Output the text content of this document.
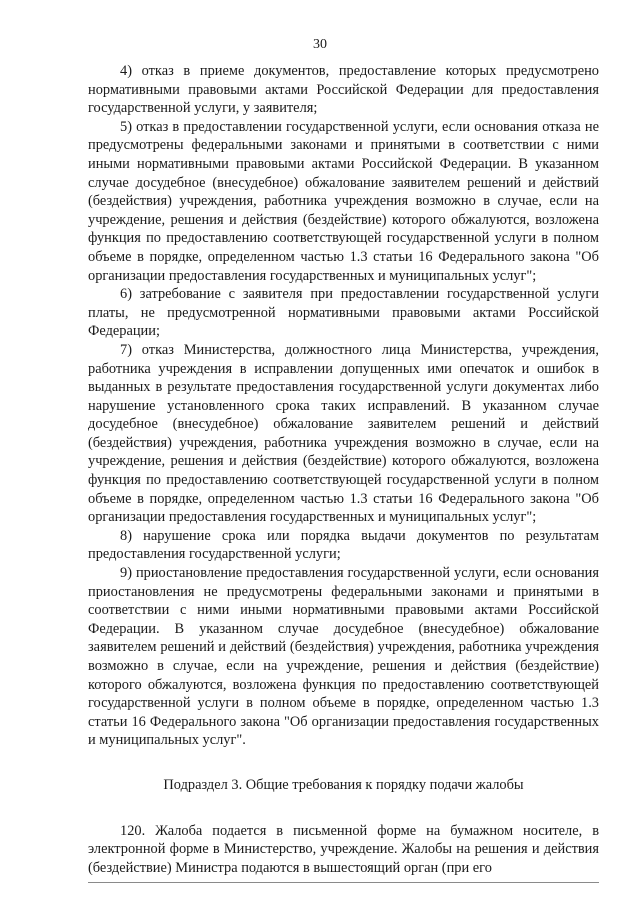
30

4) отказ в приеме документов, предоставление которых предусмотрено нормативными правовыми актами Российской Федерации для предоставления государственной услуги, у заявителя;

5) отказ в предоставлении государственной услуги, если основания отказа не предусмотрены федеральными законами и принятыми в соответствии с ними иными нормативными правовыми актами Российской Федерации. В указанном случае досудебное (внесудебное) обжалование заявителем решений и действий (бездействия) учреждения, работника учреждения возможно в случае, если на учреждение, решения и действия (бездействие) которого обжалуются, возложена функция по предоставлению соответствующей государственной услуги в полном объеме в порядке, определенном частью 1.3 статьи 16 Федерального закона "Об организации предоставления государственных и муниципальных услуг";

6) затребование с заявителя при предоставлении государственной услуги платы, не предусмотренной нормативными правовыми актами Российской Федерации;

7) отказ Министерства, должностного лица Министерства, учреждения, работника учреждения в исправлении допущенных ими опечаток и ошибок в выданных в результате предоставления государственной услуги документах либо нарушение установленного срока таких исправлений. В указанном случае досудебное (внесудебное) обжалование заявителем решений и действий (бездействия) учреждения, работника учреждения возможно в случае, если на учреждение, решения и действия (бездействие) которого обжалуются, возложена функция по предоставлению соответствующей государственной услуги в полном объеме в порядке, определенном частью 1.3 статьи 16 Федерального закона "Об организации предоставления государственных и муниципальных услуг";

8) нарушение срока или порядка выдачи документов по результатам предоставления государственной услуги;

9) приостановление предоставления государственной услуги, если основания приостановления не предусмотрены федеральными законами и принятыми в соответствии с ними иными нормативными правовыми актами Российской Федерации. В указанном случае досудебное (внесудебное) обжалование заявителем решений и действий (бездействия) учреждения, работника учреждения возможно в случае, если на учреждение, решения и действия (бездействие) которого обжалуются, возложена функция по предоставлению соответствующей государственной услуги в полном объеме в порядке, определенном частью 1.3 статьи 16 Федерального закона "Об организации предоставления государственных и муниципальных услуг".

Подраздел 3. Общие требования к порядку подачи жалобы

120. Жалоба подается в письменной форме на бумажном носителе, в электронной форме в Министерство, учреждение. Жалобы на решения и действия (бездействие) Министра подаются в вышестоящий орган (при его
